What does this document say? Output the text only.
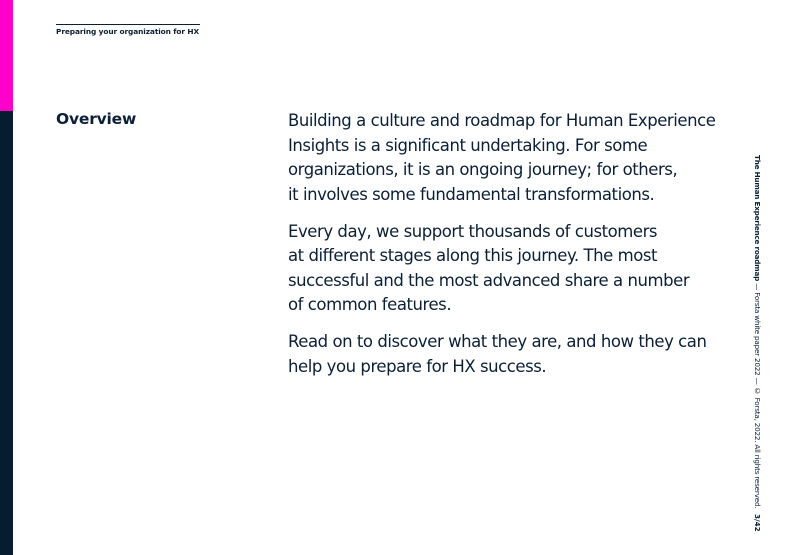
Preparing your organization for HX
Overview	Building a culture and roadmap for Human Experience
Insights is a significant undertaking. For some
organizations, it is an ongoing journey; for others,
it involves some fundamental transformations.

Every day, we support thousands of customers
at different stages along this journey. The most
successful and the most advanced share a number
of common features.

Read on to discover what they are, and how they can
help you prepare for HX success.

The Human Experience roadmap — Forsta white paper 2022 — © Forsta, 2022. All rights reserved.
3/42
